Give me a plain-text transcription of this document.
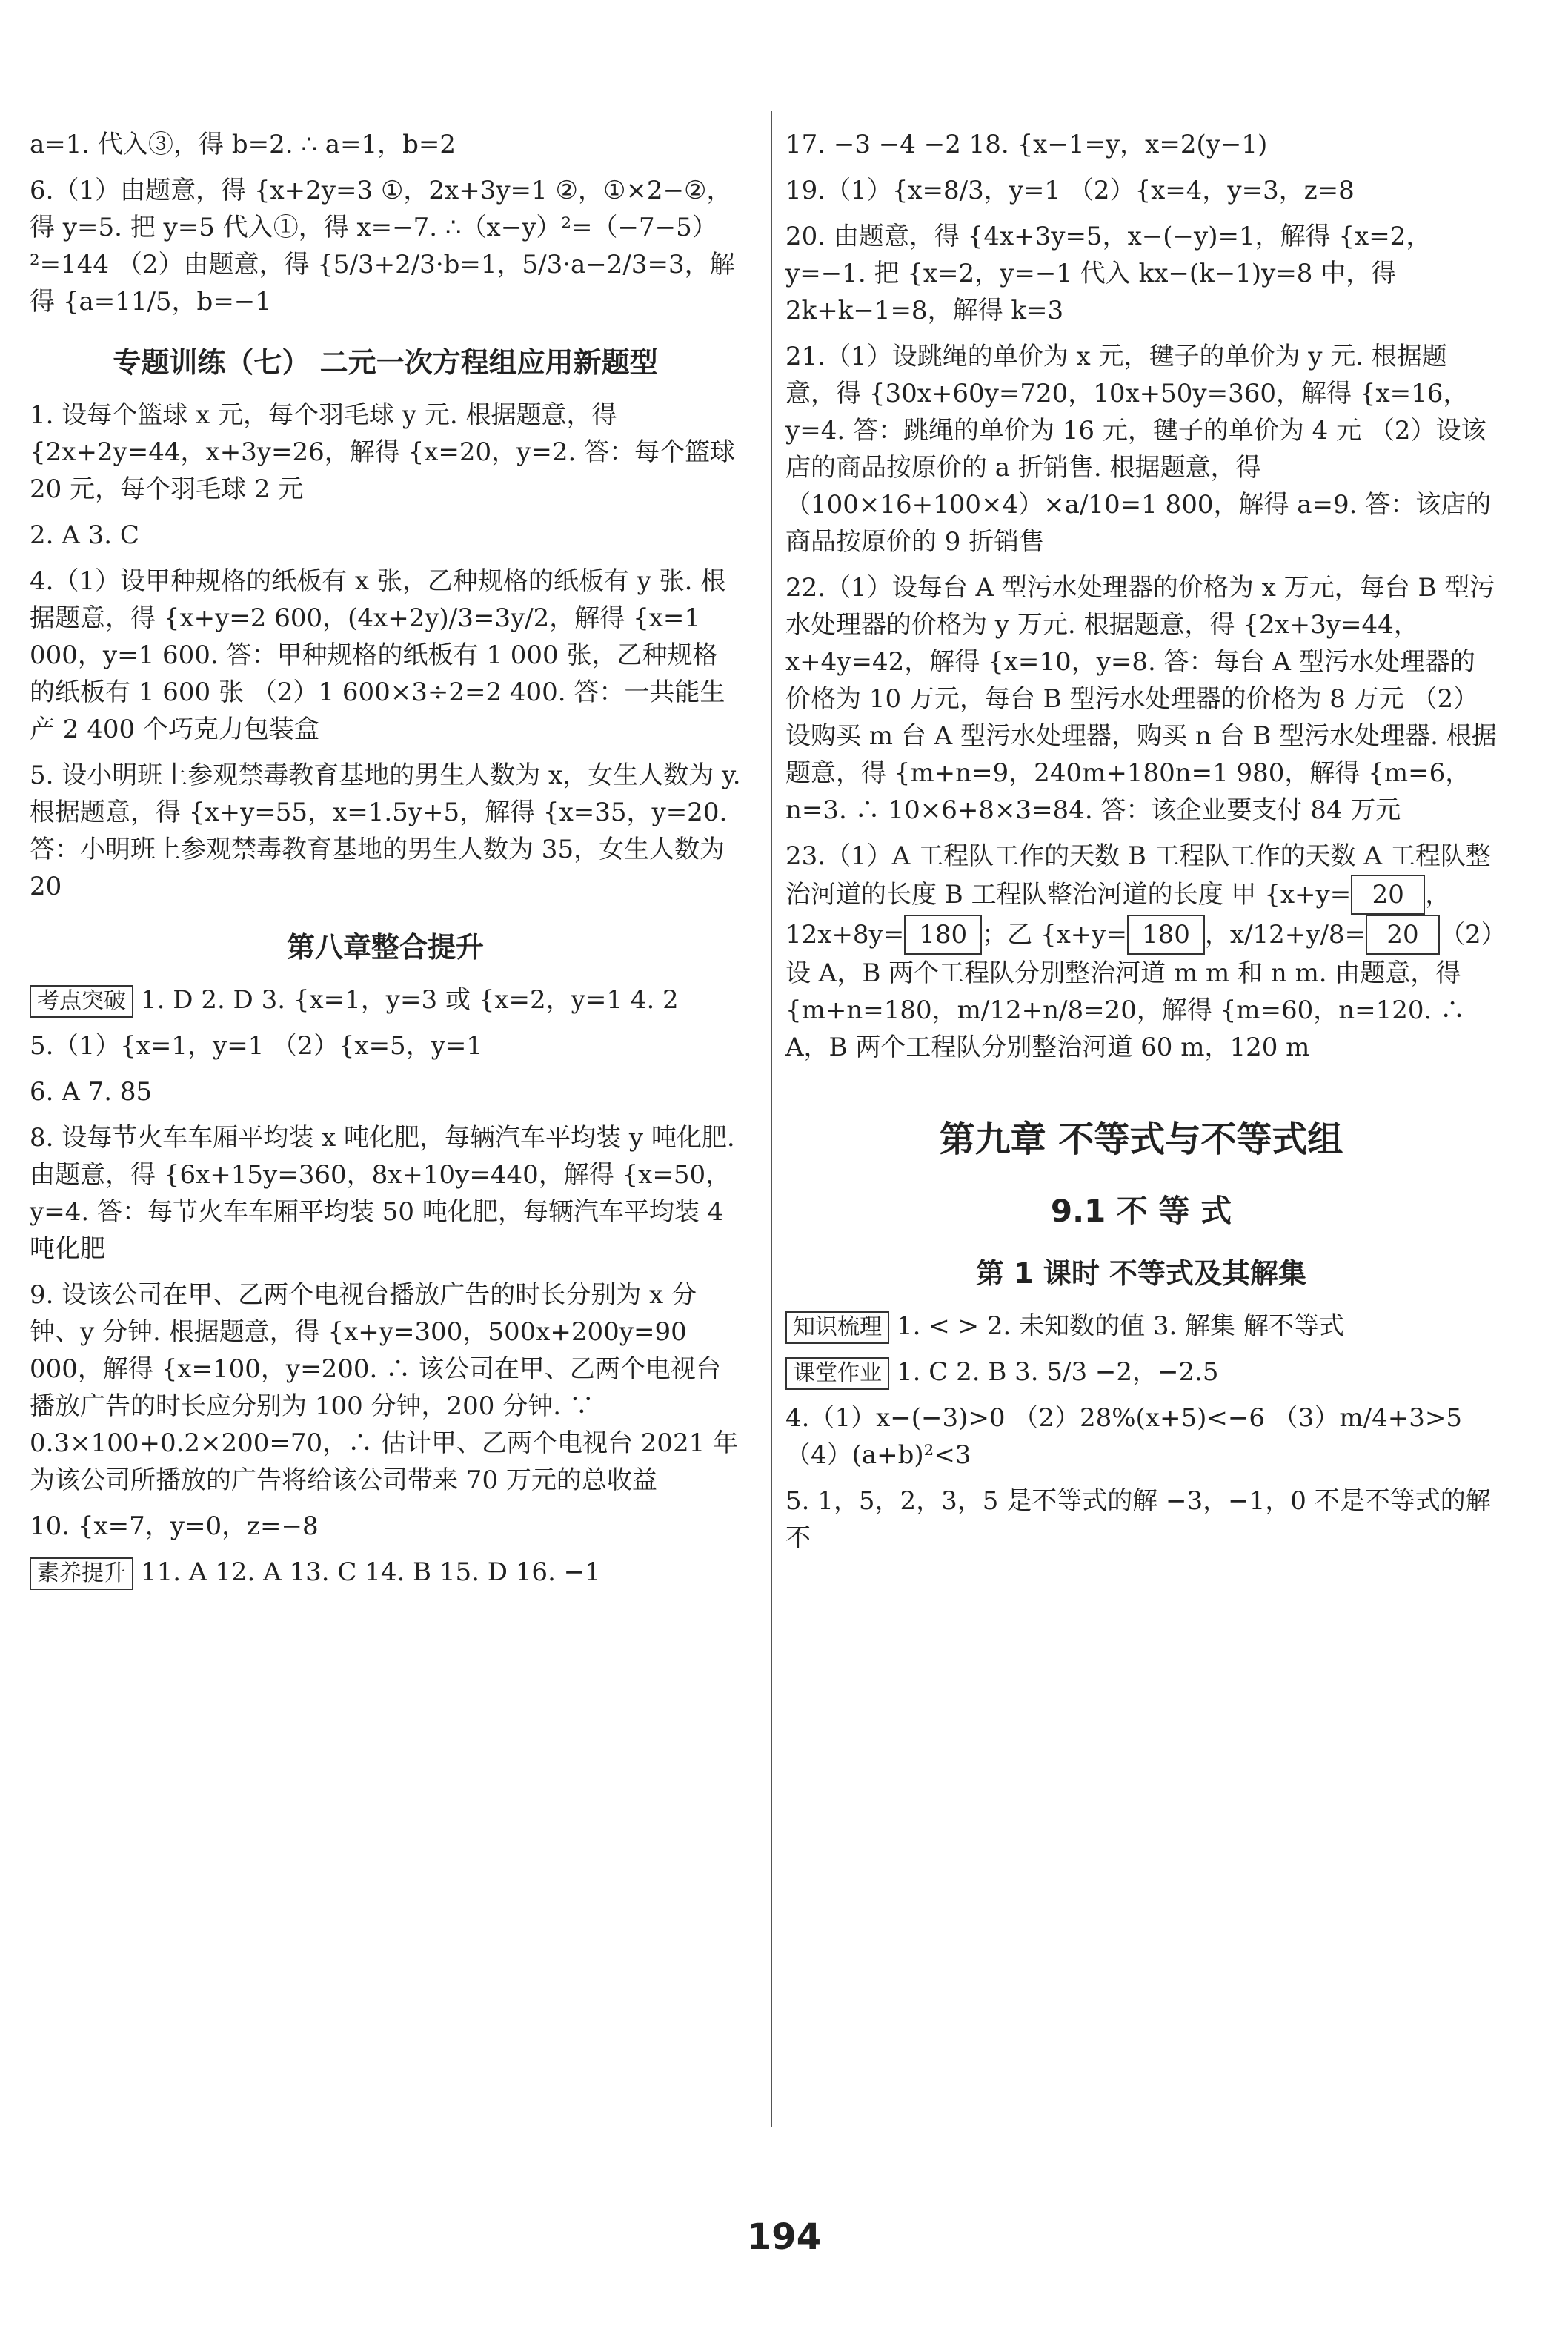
a=1. 代入③，得 b=2. ∴ a=1，b=2
6.（1）由题意，得 {x+2y=3 ①，2x+3y=1 ②，①×2−②，得 y=5. 把 y=5 代入①，得 x=−7. ∴（x−y）²=（−7−5）²=144 （2）由题意，得 {5/3+2/3·b=1，5/3·a−2/3=3，解得 {a=11/5，b=−1
专题训练（七） 二元一次方程组应用新题型
1. 设每个篮球 x 元，每个羽毛球 y 元. 根据题意，得 {2x+2y=44，x+3y=26，解得 {x=20，y=2. 答：每个篮球 20 元，每个羽毛球 2 元
2. A 3. C
4.（1）设甲种规格的纸板有 x 张，乙种规格的纸板有 y 张. 根据题意，得 {x+y=2 600，(4x+2y)/3=3y/2，解得 {x=1 000，y=1 600. 答：甲种规格的纸板有 1 000 张，乙种规格的纸板有 1 600 张 （2）1 600×3÷2=2 400. 答：一共能生产 2 400 个巧克力包装盒
5. 设小明班上参观禁毒教育基地的男生人数为 x，女生人数为 y. 根据题意，得 {x+y=55，x=1.5y+5，解得 {x=35，y=20. 答：小明班上参观禁毒教育基地的男生人数为 35，女生人数为 20
第八章整合提升
考点突破 1. D 2. D 3. {x=1，y=3 或 {x=2，y=1 4. 2
5.（1）{x=1，y=1 （2）{x=5，y=1
6. A 7. 85
8. 设每节火车车厢平均装 x 吨化肥，每辆汽车平均装 y 吨化肥. 由题意，得 {6x+15y=360，8x+10y=440，解得 {x=50，y=4. 答：每节火车车厢平均装 50 吨化肥，每辆汽车平均装 4 吨化肥
9. 设该公司在甲、乙两个电视台播放广告的时长分别为 x 分钟、y 分钟. 根据题意，得 {x+y=300，500x+200y=90 000，解得 {x=100，y=200. ∴ 该公司在甲、乙两个电视台播放广告的时长应分别为 100 分钟，200 分钟. ∵ 0.3×100+0.2×200=70，∴ 估计甲、乙两个电视台 2021 年为该公司所播放的广告将给该公司带来 70 万元的总收益
10. {x=7，y=0，z=−8
素养提升 11. A 12. A 13. C 14. B 15. D 16. −1
17. −3 −4 −2 18. {x−1=y，x=2(y−1)
19.（1）{x=8/3，y=1 （2）{x=4，y=3，z=8
20. 由题意，得 {4x+3y=5，x−(−y)=1，解得 {x=2，y=−1. 把 {x=2，y=−1 代入 kx−(k−1)y=8 中，得 2k+k−1=8，解得 k=3
21.（1）设跳绳的单价为 x 元，毽子的单价为 y 元. 根据题意，得 {30x+60y=720，10x+50y=360，解得 {x=16，y=4. 答：跳绳的单价为 16 元，毽子的单价为 4 元 （2）设该店的商品按原价的 a 折销售. 根据题意，得（100×16+100×4）×a/10=1 800，解得 a=9. 答：该店的商品按原价的 9 折销售
22.（1）设每台 A 型污水处理器的价格为 x 万元，每台 B 型污水处理器的价格为 y 万元. 根据题意，得 {2x+3y=44，x+4y=42，解得 {x=10，y=8. 答：每台 A 型污水处理器的价格为 10 万元，每台 B 型污水处理器的价格为 8 万元 （2）设购买 m 台 A 型污水处理器，购买 n 台 B 型污水处理器. 根据题意，得 {m+n=9，240m+180n=1 980，解得 {m=6，n=3. ∴ 10×6+8×3=84. 答：该企业要支付 84 万元
23.（1）A 工程队工作的天数 B 工程队工作的天数 A 工程队整治河道的长度 B 工程队整治河道的长度 甲 {x+y= 20 ，12x+8y= 180 ；乙 {x+y= 180 ，x/12+y/8= 20 （2）设 A，B 两个工程队分别整治河道 m m 和 n m. 由题意，得 {m+n=180，m/12+n/8=20，解得 {m=60，n=120. ∴ A，B 两个工程队分别整治河道 60 m，120 m
第九章 不等式与不等式组
9.1 不 等 式
第 1 课时 不等式及其解集
知识梳理 1. < > 2. 未知数的值 3. 解集 解不等式
课堂作业 1. C 2. B 3. 5/3 −2，−2.5
4.（1）x−(−3)>0 （2）28%(x+5)<−6 （3）m/4+3>5 （4）(a+b)²<3
5. 1，5，2，3，5 是不等式的解 −3，−1，0 不是不等式的解 不
194
